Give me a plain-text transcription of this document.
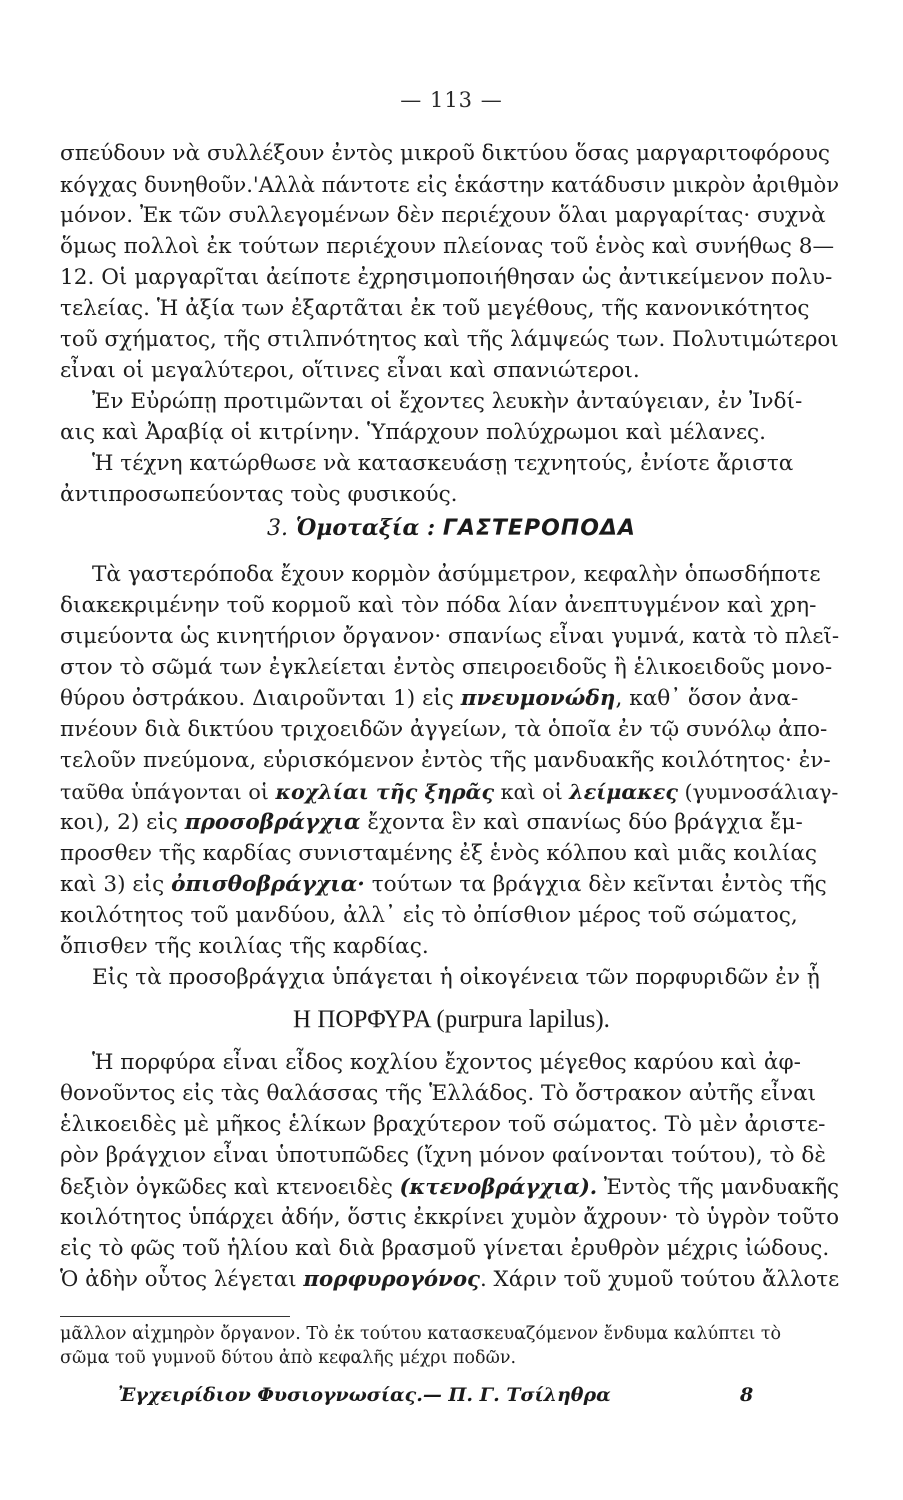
— 113 —
σπεύδουν νὰ συλλέξουν ἐντὸς μικροῦ δικτύου ὅσας μαργαριτοφόρους
κόγχας δυνηθοῦν.'Αλλὰ πάντοτε εἰς ἑκάστην κατάδυσιν μικρὸν ἀριθμὸν
μόνον. Ἐκ τῶν συλλεγομένων δὲν περιέχουν ὅλαι μαργαρίτας· συχνὰ
ὅμως πολλοὶ ἐκ τούτων περιέχουν πλείονας τοῦ ἑνὸς καὶ συνήθως 8—
12. Οἱ μαργαρῖται ἀείποτε ἐχρησιμοποιήθησαν ὡς ἀντικείμενον πολυ-
τελείας. Ἡ ἀξία των ἐξαρτᾶται ἐκ τοῦ μεγέθους, τῆς κανονικότητος
τοῦ σχήματος, τῆς στιλπνότητος καὶ τῆς λάμψεώς των. Πολυτιμώτεροι
εἶναι οἱ μεγαλύτεροι, οἵτινες εἶναι καὶ σπανιώτεροι.
Ἐν Εὐρώπῃ προτιμῶνται οἱ ἔχοντες λευκὴν ἀνταύγειαν, ἐν Ἰνδί-
αις καὶ Ἀραβίᾳ οἱ κιτρίνην. Ὑπάρχουν πολύχρωμοι καὶ μέλανες.
Ἡ τέχνη κατώρθωσε νὰ κατασκευάσῃ τεχνητούς, ἐνίοτε ἄριστα
ἀντιπροσωπεύοντας τοὺς φυσικούς.
3. Ὁμοταξία : ΓΑΣΤΕΡΟΠΟΔΑ
Τὰ γαστερόποδα ἔχουν κορμὸν ἀσύμμετρον, κεφαλὴν ὁπωσδήποτε
διακεκριμένην τοῦ κορμοῦ καὶ τὸν πόδα λίαν ἀνεπτυγμένον καὶ χρη-
σιμεύοντα ὡς κινητήριον ὄργανον· σπανίως εἶναι γυμνά, κατὰ τὸ πλεῖ-
στον τὸ σῶμά των ἐγκλείεται ἐντὸς σπειροειδοῦς ἢ ἑλικοειδοῦς μονο-
θύρου ὀστράκου. Διαιροῦνται 1) εἰς πνευμονώδη, καθ᾽ ὅσον ἀνα-
πνέουν διὰ δικτύου τριχοειδῶν ἀγγείων, τὰ ὁποῖα ἐν τῷ συνόλῳ ἀπο-
τελοῦν πνεύμονα, εὑρισκόμενον ἐντὸς τῆς μανδυακῆς κοιλότητος· ἐν-
ταῦθα ὑπάγονται οἱ κοχλίαι τῆς ξηρᾶς καὶ οἱ λείμακες (γυμνοσάλιαγ-
κοι), 2) εἰς προσοβράγχια ἔχοντα ἓν καὶ σπανίως δύο βράγχια ἔμ-
προσθεν τῆς καρδίας συνισταμένης ἐξ ἑνὸς κόλπου καὶ μιᾶς κοιλίας
καὶ 3) εἰς ὀπισθοβράγχια· τούτων τα βράγχια δὲν κεῖνται ἐντὸς τῆς
κοιλότητος τοῦ μανδύου, ἀλλ᾽ εἰς τὸ ὀπίσθιον μέρος τοῦ σώματος,
ὄπισθεν τῆς κοιλίας τῆς καρδίας.
Εἰς τὰ προσοβράγχια ὑπάγεται ἡ οἰκογένεια τῶν πορφυριδῶν ἐν ᾗ
Η ΠΟΡΦΥΡΑ (purpura lapilus).
Ἡ πορφύρα εἶναι εἶδος κοχλίου ἔχοντος μέγεθος καρύου καὶ ἀφ-
θονοῦντος εἰς τὰς θαλάσσας τῆς Ἑλλάδος. Τὸ ὄστρακον αὐτῆς εἶναι
ἑλικοειδὲς μὲ μῆκος ἑλίκων βραχύτερον τοῦ σώματος. Τὸ μὲν ἀριστε-
ρὸν βράγχιον εἶναι ὑποτυπῶδες (ἴχνη μόνον φαίνονται τούτου), τὸ δὲ
δεξιὸν ὀγκῶδες καὶ κτενοειδὲς (κτενοβράγχια). Ἐντὸς τῆς μανδυακῆς
κοιλότητος ὑπάρχει ἀδήν, ὅστις ἐκκρίνει χυμὸν ἄχρουν· τὸ ὑγρὸν τοῦτο
εἰς τὸ φῶς τοῦ ἡλίου καὶ διὰ βρασμοῦ γίνεται ἐρυθρὸν μέχρις ἰώδους.
Ὁ ἀδὴν οὗτος λέγεται πορφυρογόνος. Χάριν τοῦ χυμοῦ τούτου ἄλλοτε
μᾶλλον αἰχμηρὸν ὄργανον. Τὸ ἐκ τούτου κατασκευαζόμενον ἔνδυμα καλύπτει τὸ
σῶμα τοῦ γυμνοῦ δύτου ἀπὸ κεφαλῆς μέχρι ποδῶν.
Ἐγχειρίδιον Φυσιογνωσίας.— Π. Γ. Τσίληθρα	8
